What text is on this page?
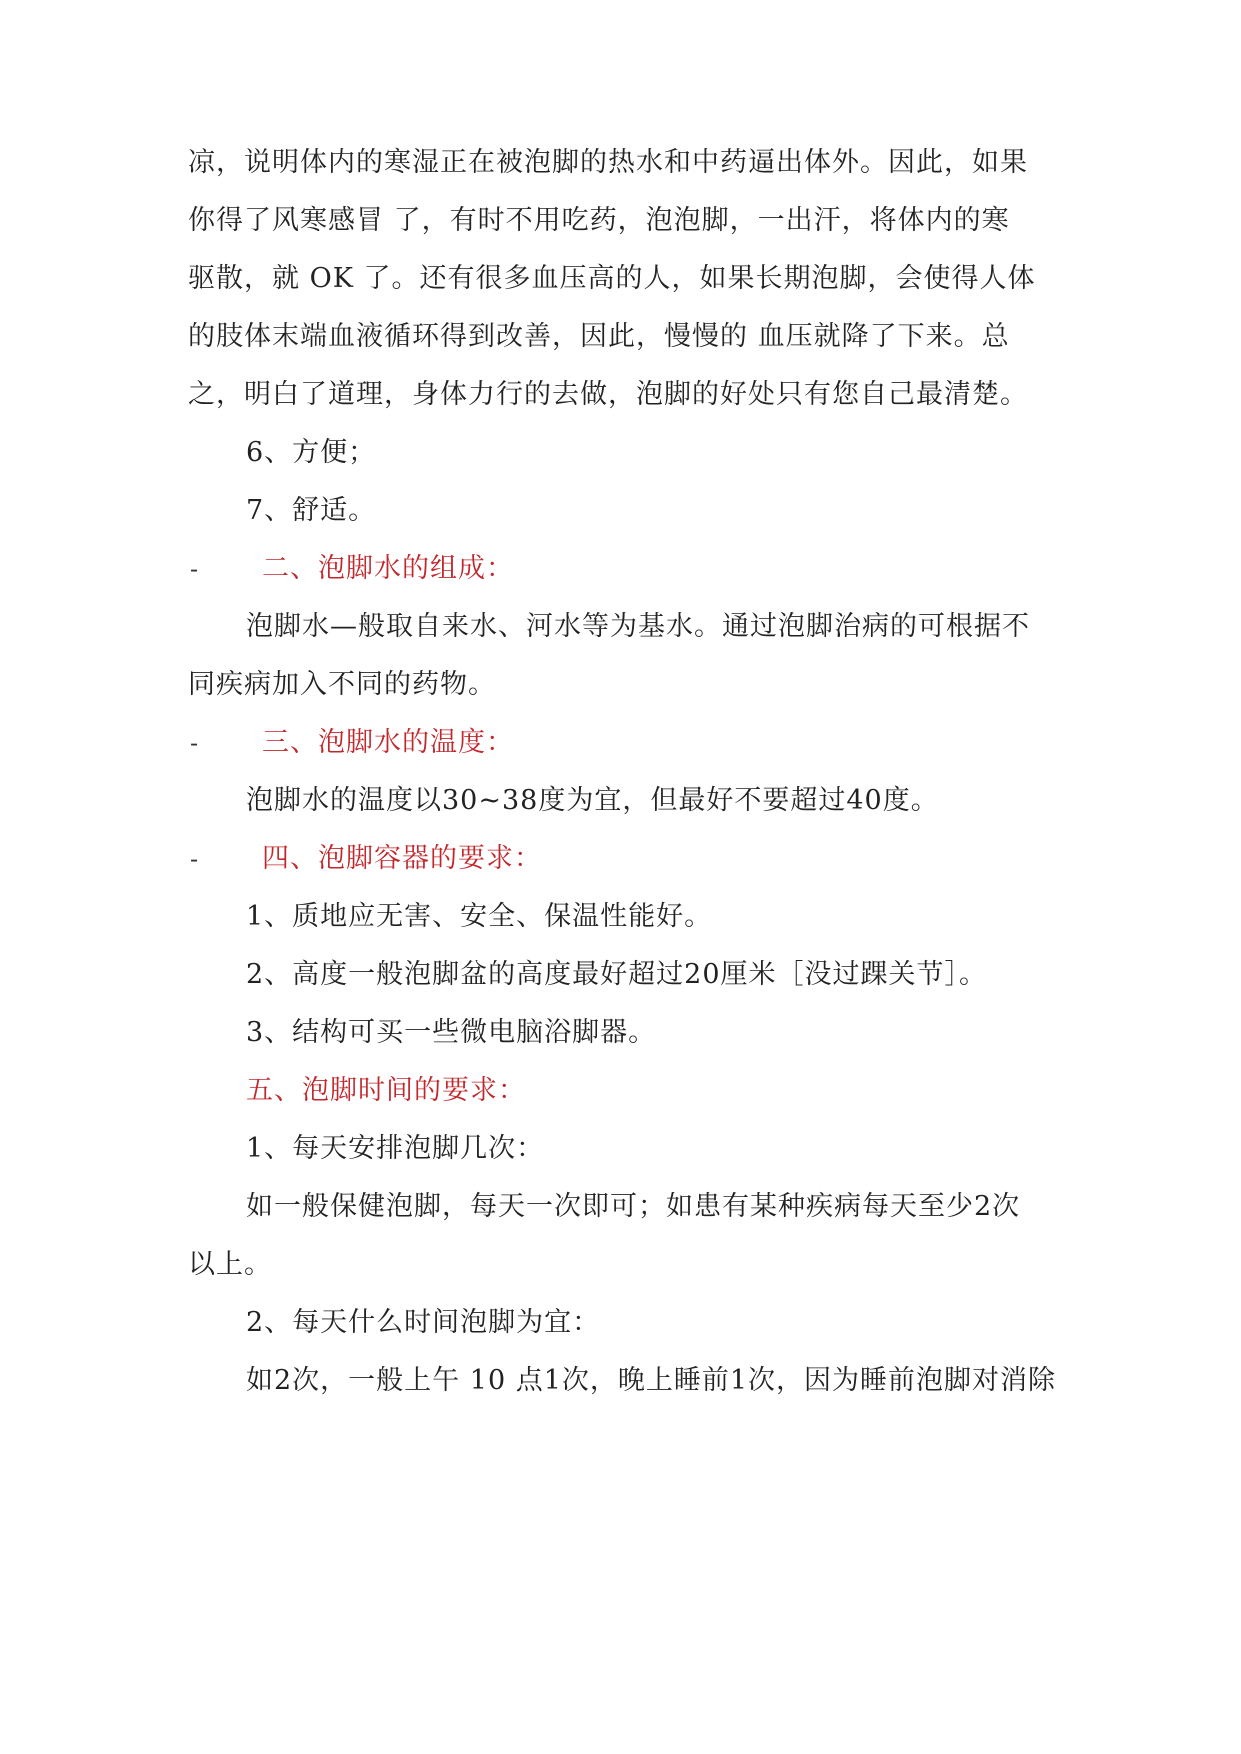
凉，说明体内的寒湿正在被泡脚的热水和中药逼出体外。因此，如果
你得了风寒感冒 了，有时不用吃药，泡泡脚，一出汗，将体内的寒
驱散，就 OK 了。还有很多血压高的人，如果长期泡脚，会使得人体
的肢体末端血液循环得到改善，因此，慢慢的 血压就降了下来。总
之，明白了道理，身体力行的去做，泡脚的好处只有您自己最清楚。
6、方便；
7、舒适。
- 二、泡脚水的组成：
泡脚水—般取自来水、河水等为基水。通过泡脚治病的可根据不
同疾病加入不同的药物。
- 三、泡脚水的温度：
泡脚水的温度以30~38度为宜，但最好不要超过40度。
- 四、泡脚容器的要求：
1、质地应无害、安全、保温性能好。
2、高度一般泡脚盆的高度最好超过20厘米［没过踝关节］。
3、结构可买一些微电脑浴脚器。
五、泡脚时间的要求：
1、每天安排泡脚几次：
如一般保健泡脚，每天一次即可；如患有某种疾病每天至少2次
以上。
2、每天什么时间泡脚为宜：
如2次，一般上午 10 点1次，晚上睡前1次，因为睡前泡脚对消除
